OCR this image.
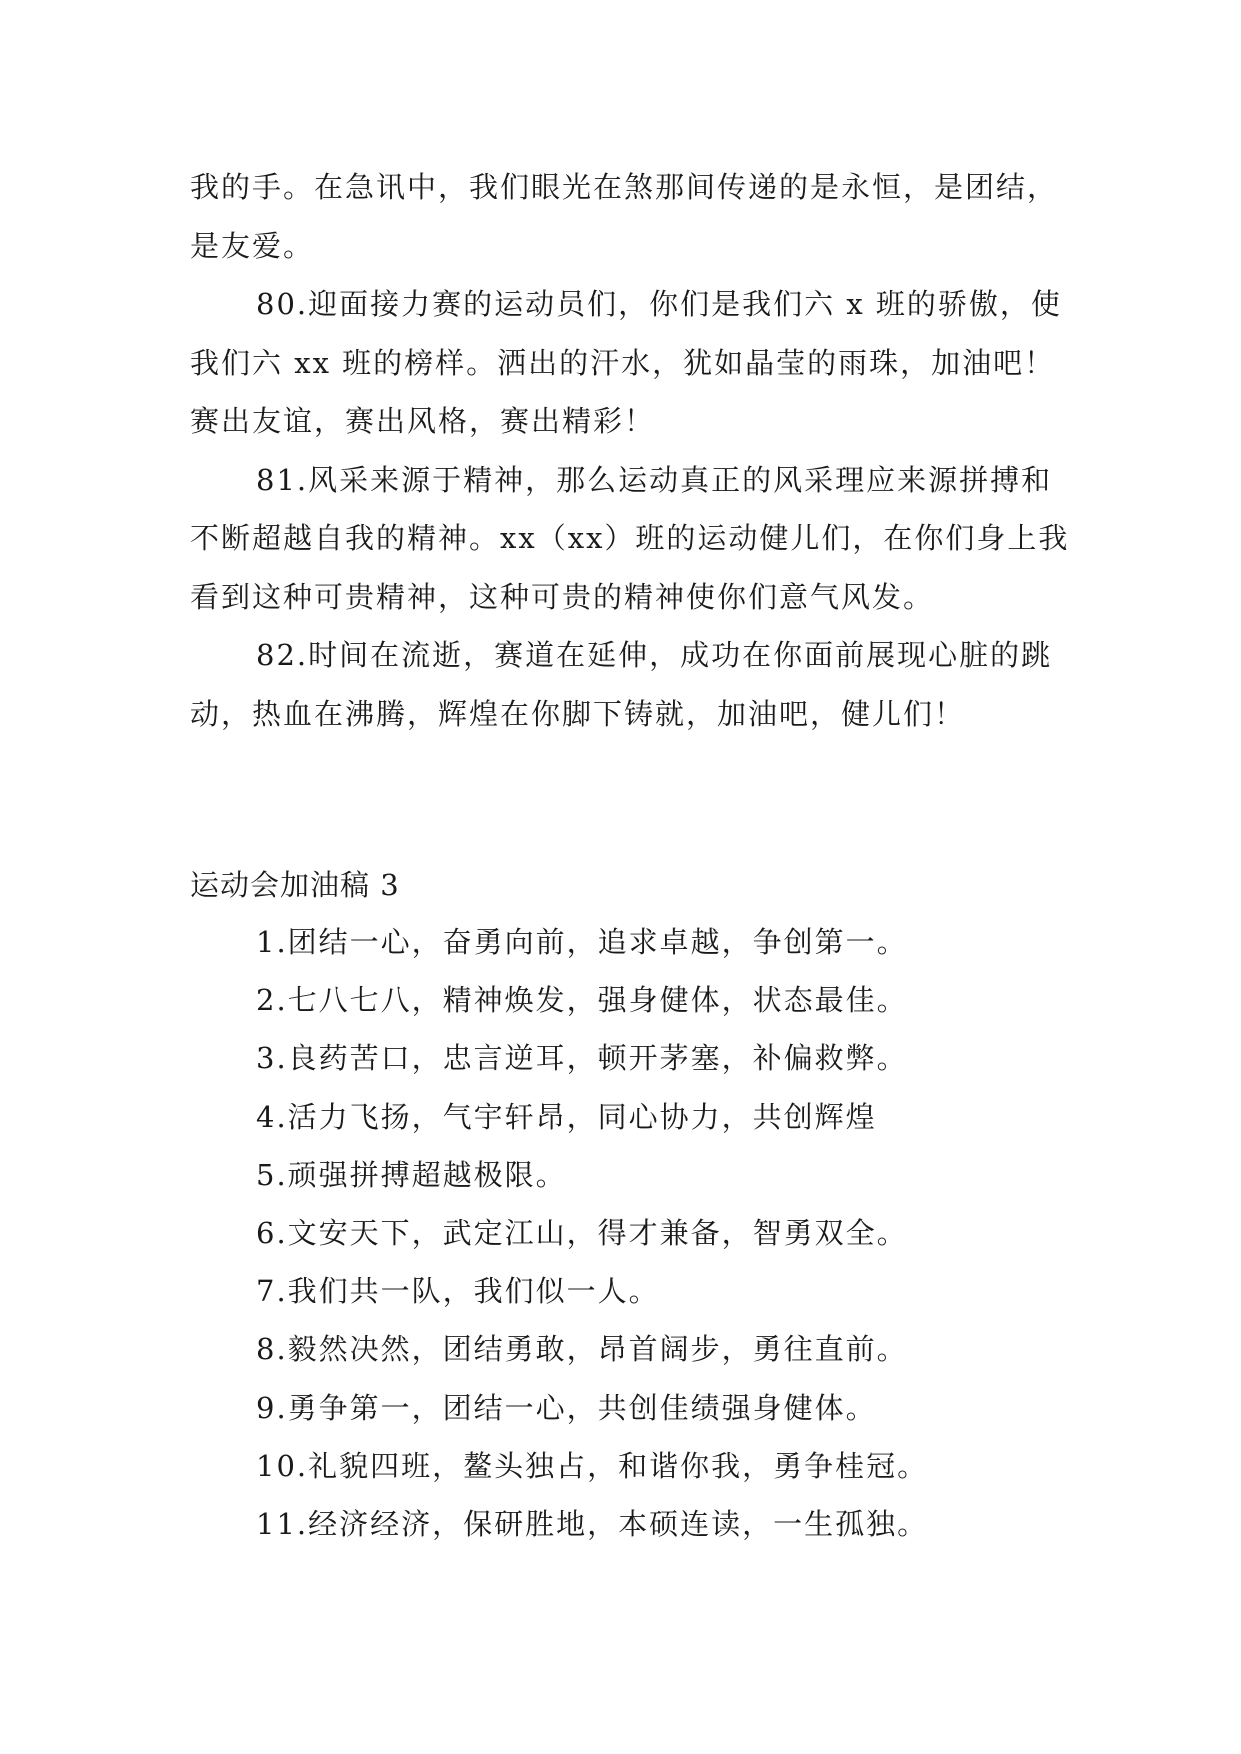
我的手。在急讯中，我们眼光在煞那间传递的是永恒，是团结，是友爱。

80.迎面接力赛的运动员们，你们是我们六 x 班的骄傲，使我们六 xx 班的榜样。洒出的汗水，犹如晶莹的雨珠，加油吧！赛出友谊，赛出风格，赛出精彩！

81.风采来源于精神，那么运动真正的风采理应来源拼搏和不断超越自我的精神。xx（xx）班的运动健儿们，在你们身上我看到这种可贵精神，这种可贵的精神使你们意气风发。

82.时间在流逝，赛道在延伸，成功在你面前展现心脏的跳动，热血在沸腾，辉煌在你脚下铸就，加油吧，健儿们！

运动会加油稿 3
1.团结一心，奋勇向前，追求卓越，争创第一。
2.七八七八，精神焕发，强身健体，状态最佳。
3.良药苦口，忠言逆耳，顿开茅塞，补偏救弊。
4.活力飞扬，气宇轩昂，同心协力，共创辉煌
5.顽强拼搏超越极限。
6.文安天下，武定江山，得才兼备，智勇双全。
7.我们共一队，我们似一人。
8.毅然决然，团结勇敢，昂首阔步，勇往直前。
9.勇争第一，团结一心，共创佳绩强身健体。
10.礼貌四班，鳌头独占，和谐你我，勇争桂冠。
11.经济经济，保研胜地，本硕连读，一生孤独。
